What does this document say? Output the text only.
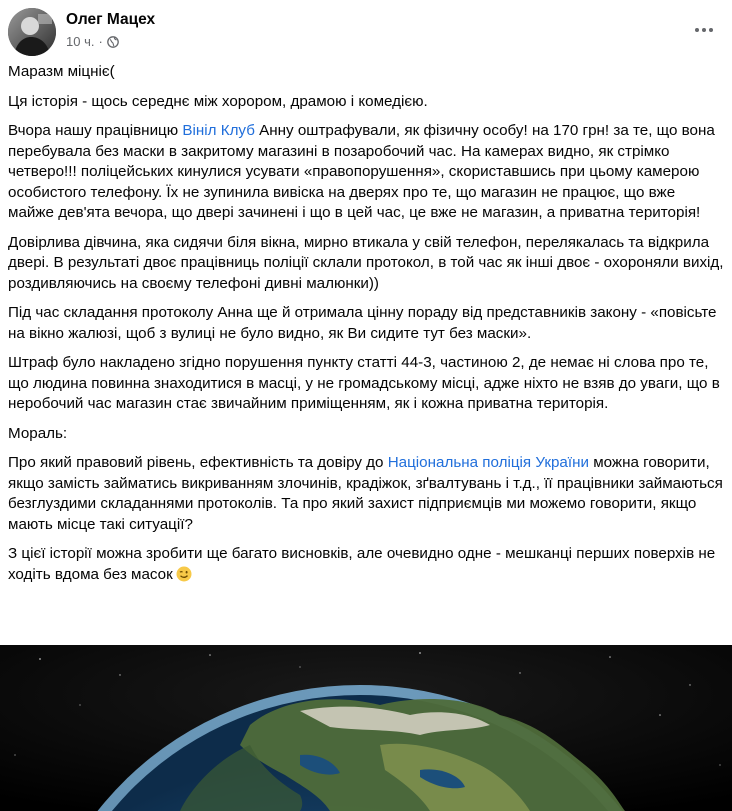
Олег Мацех
10 ч. ·

Маразм міцніє(

Ця історія - щось середнє між хорором, драмою і комедією.

Вчора нашу працівницю Вініл Клуб Анну оштрафували, як фізичну особу! на 170 грн! за те, що вона перебувала без маски в закритому магазині в позаробочий час. На камерах видно, як стрімко четверо!!! поліцейських кинулися усувати «правопорушення», скориставшись при цьому камерою особистого телефону. Їх не зупинила вивіска на дверях про те, що магазин не працює, що вже майже дев'ята вечора, що двері зачинені і що в цей час, це вже не магазин, а приватна територія!

Довірлива дівчина, яка сидячи біля вікна, мирно втикала у свій телефон, перелякалась та відкрила двері. В результаті двоє працівниць поліції склали протокол, в той час як інші двоє - охороняли вихід, роздивляючись на своєму телефоні дивні малюнки))

Під час складання протоколу Анна ще й отримала цінну пораду від представників закону - «повісьте на вікно жалюзі, щоб з вулиці не було видно, як Ви сидите тут без маски».

Штраф було накладено згідно порушення пункту статті 44-3, частиною 2, де немає ні слова про те, що людина повинна знаходитися в масці, у не громадському місці, адже ніхто не взяв до уваги, що в неробочий час магазин стає звичайним приміщенням, як і кожна приватна територія.

Мораль:

Про який правовий рівень, ефективність та довіру до Національна поліція України можна говорити, якщо замість займатись викриванням злочинів, крадіжок, зґвалтувань і т.д., її працівники займаються безглуздими складаннями протоколів. Та про який захист підприємців ми можемо говорити, якщо мають місце такі ситуації?

З цієї історії можна зробити ще багато висновків, але очевидно одне - мешканці перших поверхів не ходіть вдома без масок
